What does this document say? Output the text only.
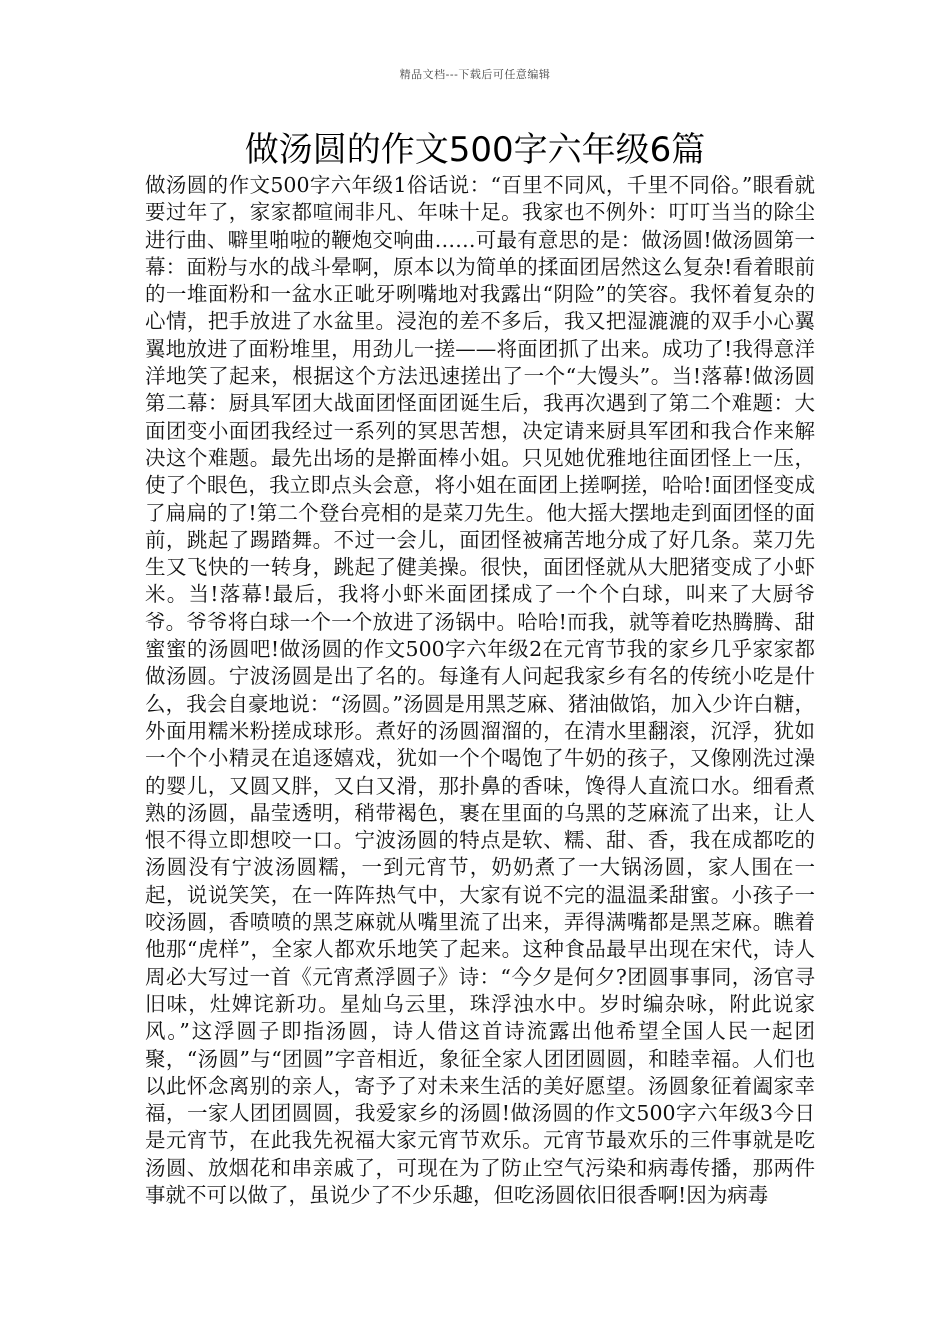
精品文档---下载后可任意编辑
做汤圆的作文500字六年级6篇

做汤圆的作文500字六年级1俗话说：“百里不同风，千里不同俗。”眼看就要过年了，家家都喧闹非凡、年味十足。我家也不例外：叮叮当当的除尘进行曲、噼里啪啦的鞭炮交响曲……可最有意思的是：做汤圆!做汤圆第一幕：面粉与水的战斗晕啊，原本以为简单的揉面团居然这么复杂!看着眼前的一堆面粉和一盆水正呲牙咧嘴地对我露出“阴险”的笑容。我怀着复杂的心情，把手放进了水盆里。浸泡的差不多后，我又把湿漉漉的双手小心翼翼地放进了面粉堆里，用劲儿一搓——将面团抓了出来。成功了!我得意洋洋地笑了起来，根据这个方法迅速搓出了一个“大馒头”。当!落幕!做汤圆第二幕：厨具军团大战面团怪面团诞生后，我再次遇到了第二个难题：大面团变小面团我经过一系列的冥思苦想，决定请来厨具军团和我合作来解决这个难题。最先出场的是擀面棒小姐。只见她优雅地往面团怪上一压，使了个眼色，我立即点头会意，将小姐在面团上搓啊搓，哈哈!面团怪变成了扁扁的了!第二个登台亮相的是菜刀先生。他大摇大摆地走到面团怪的面前，跳起了踢踏舞。不过一会儿，面团怪被痛苦地分成了好几条。菜刀先生又飞快的一转身，跳起了健美操。很快，面团怪就从大肥猪变成了小虾米。当!落幕!最后，我将小虾米面团揉成了一个个白球，叫来了大厨爷爷。爷爷将白球一个一个放进了汤锅中。哈哈!而我，就等着吃热腾腾、甜蜜蜜的汤圆吧!做汤圆的作文500字六年级2在元宵节我的家乡几乎家家都做汤圆。宁波汤圆是出了名的。每逢有人问起我家乡有名的传统小吃是什么，我会自豪地说：“汤圆。”汤圆是用黑芝麻、猪油做馅，加入少许白糖，外面用糯米粉搓成球形。煮好的汤圆溜溜的，在清水里翻滚，沉浮，犹如一个个小精灵在追逐嬉戏，犹如一个个喝饱了牛奶的孩子，又像刚洗过澡的婴儿，又圆又胖，又白又滑，那扑鼻的香味，馋得人直流口水。细看煮熟的汤圆，晶莹透明，稍带褐色，裹在里面的乌黑的芝麻流了出来，让人恨不得立即想咬一口。宁波汤圆的特点是软、糯、甜、香，我在成都吃的汤圆没有宁波汤圆糯，一到元宵节，奶奶煮了一大锅汤圆，家人围在一起，说说笑笑，在一阵阵热气中，大家有说不完的温温柔甜蜜。小孩子一咬汤圆，香喷喷的黑芝麻就从嘴里流了出来，弄得满嘴都是黑芝麻。瞧着他那“虎样”，全家人都欢乐地笑了起来。这种食品最早出现在宋代，诗人周必大写过一首《元宵煮浮圆子》诗：“今夕是何夕?团圆事事同，汤官寻旧味，灶婢诧新功。星灿乌云里，珠浮浊水中。岁时编杂咏，附此说家风。”这浮圆子即指汤圆，诗人借这首诗流露出他希望全国人民一起团聚，“汤圆”与“团圆”字音相近，象征全家人团团圆圆，和睦幸福。人们也以此怀念离别的亲人，寄予了对未来生活的美好愿望。汤圆象征着阖家幸福，一家人团团圆圆，我爱家乡的汤圆!做汤圆的作文500字六年级3今日是元宵节，在此我先祝福大家元宵节欢乐。元宵节最欢乐的三件事就是吃汤圆、放烟花和串亲戚了，可现在为了防止空气污染和病毒传播，那两件事就不可以做了，虽说少了不少乐趣，但吃汤圆依旧很香啊!因为病毒
